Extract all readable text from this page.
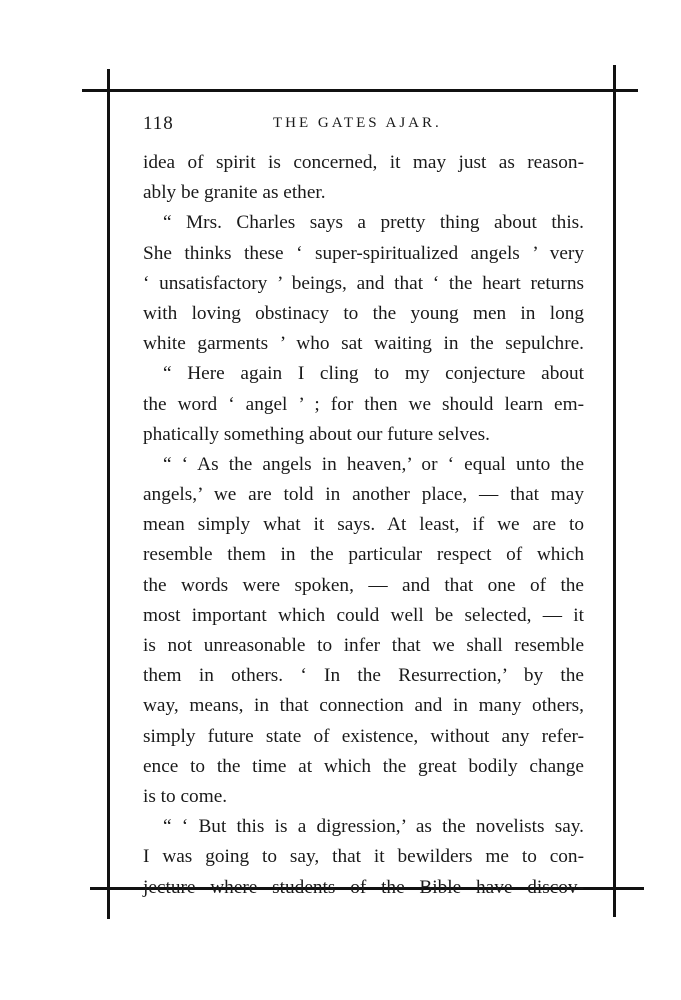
118	THE GATES AJAR.
idea of spirit is concerned, it may just as reason-
ably be granite as ether.
“ Mrs. Charles says a pretty thing about this.
She thinks these ‘ super-spiritualized angels ’ very
‘ unsatisfactory ’ beings, and that ‘ the heart returns
with loving obstinacy to the young men in long
white garments ’ who sat waiting in the sepulchre.
“ Here again I cling to my conjecture about
the word ‘ angel ’ ; for then we should learn em-
phatically something about our future selves.
“ ‘ As the angels in heaven,’ or ‘ equal unto the
angels,’ we are told in another place, — that may
mean simply what it says. At least, if we are to
resemble them in the particular respect of which
the words were spoken, — and that one of the
most important which could well be selected, — it
is not unreasonable to infer that we shall resemble
them in others. ‘ In the Resurrection,’ by the
way, means, in that connection and in many others,
simply future state of existence, without any refer-
ence to the time at which the great bodily change
is to come.
“ ‘ But this is a digression,’ as the novelists say.
I was going to say, that it bewilders me to con-
jecture where students of the Bible have discov-
